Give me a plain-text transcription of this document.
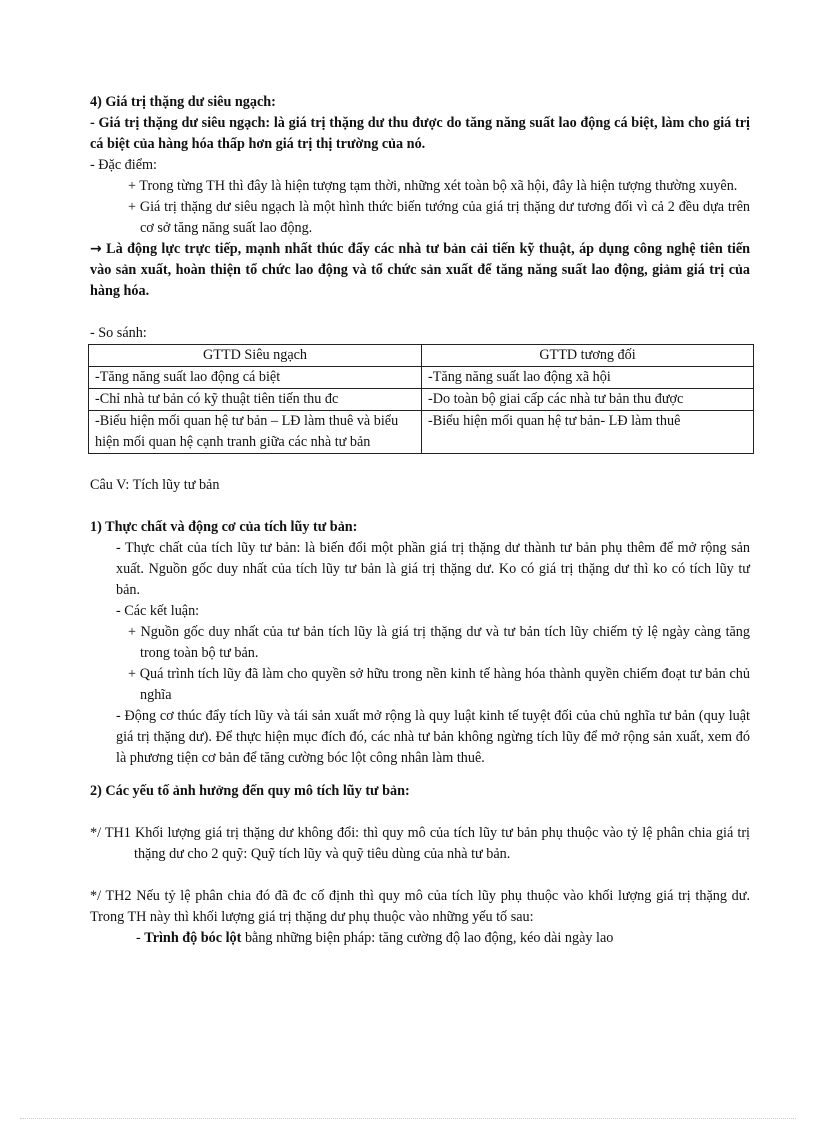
4) Giá trị thặng dư siêu ngạch:

- Giá trị thặng dư siêu ngạch: là giá trị thặng dư thu được do tăng năng suất lao động cá biệt, làm cho giá trị cá biệt của hàng hóa thấp hơn giá trị thị trường của nó.

- Đặc điểm:

+ Trong từng TH thì đây là hiện tượng tạm thời, những xét toàn bộ xã hội, đây là hiện tượng thường xuyên.

+ Giá trị thặng dư siêu ngạch là một hình thức biến tướng của giá trị thặng dư tương đối vì cả 2 đều dựa trên cơ sở tăng năng suất lao động.

→ Là động lực trực tiếp, mạnh nhất thúc đẩy các nhà tư bản cải tiến kỹ thuật, áp dụng công nghệ tiên tiến vào sản xuất, hoàn thiện tổ chức lao động và tổ chức sản xuất để tăng năng suất lao động, giảm giá trị của hàng hóa.

- So sánh:

GTTD Siêu ngạch	GTTD tương đối
-Tăng năng suất lao động cá biệt	-Tăng năng suất lao động xã hội
-Chỉ nhà tư bản có kỹ thuật tiên tiến thu đc	-Do toàn bộ giai cấp các nhà tư bản thu được
-Biểu hiện mối quan hệ tư bản – LĐ làm thuê và biểu hiện mối quan hệ cạnh tranh giữa các nhà tư bản	-Biểu hiện mối quan hệ tư bản- LĐ làm thuê

Câu V: Tích lũy tư bản

1) Thực chất và động cơ của tích lũy tư bản:

- Thực chất của tích lũy tư bản: là biến đổi một phần giá trị thặng dư thành tư bản phụ thêm để mở rộng sản xuất. Nguồn gốc duy nhất của tích lũy tư bản là giá trị thặng dư. Ko có giá trị thặng dư thì ko có tích lũy tư bản.

- Các kết luận:

+ Nguồn gốc duy nhất của tư bản tích lũy là giá trị thặng dư và tư bản tích lũy chiếm tỷ lệ ngày càng tăng trong toàn bộ tư bản.

+ Quá trình tích lũy đã làm cho quyền sở hữu trong nền kinh tế hàng hóa thành quyền chiếm đoạt tư bản chủ nghĩa

- Động cơ thúc đẩy tích lũy và tái sản xuất mở rộng là quy luật kinh tế tuyệt đối của chủ nghĩa tư bản (quy luật giá trị thặng dư). Để thực hiện mục đích đó, các nhà tư bản không ngừng tích lũy để mở rộng sản xuất, xem đó là phương tiện cơ bản để tăng cường bóc lột công nhân làm thuê.

2) Các yếu tố ảnh hưởng đến quy mô tích lũy tư bản:

*/ TH1 Khối lượng giá trị thặng dư không đổi: thì quy mô của tích lũy tư bản phụ thuộc vào tỷ lệ phân chia giá trị thặng dư cho 2 quỹ: Quỹ tích lũy và quỹ tiêu dùng của nhà tư bản.

*/ TH2 Nếu tỷ lệ phân chia đó đã đc cố định thì quy mô của tích lũy phụ thuộc vào khối lượng giá trị thặng dư. Trong TH này thì khối lượng giá trị thặng dư phụ thuộc vào những yếu tố sau:

- Trình độ bóc lột bằng những biện pháp: tăng cường độ lao động, kéo dài ngày lao
